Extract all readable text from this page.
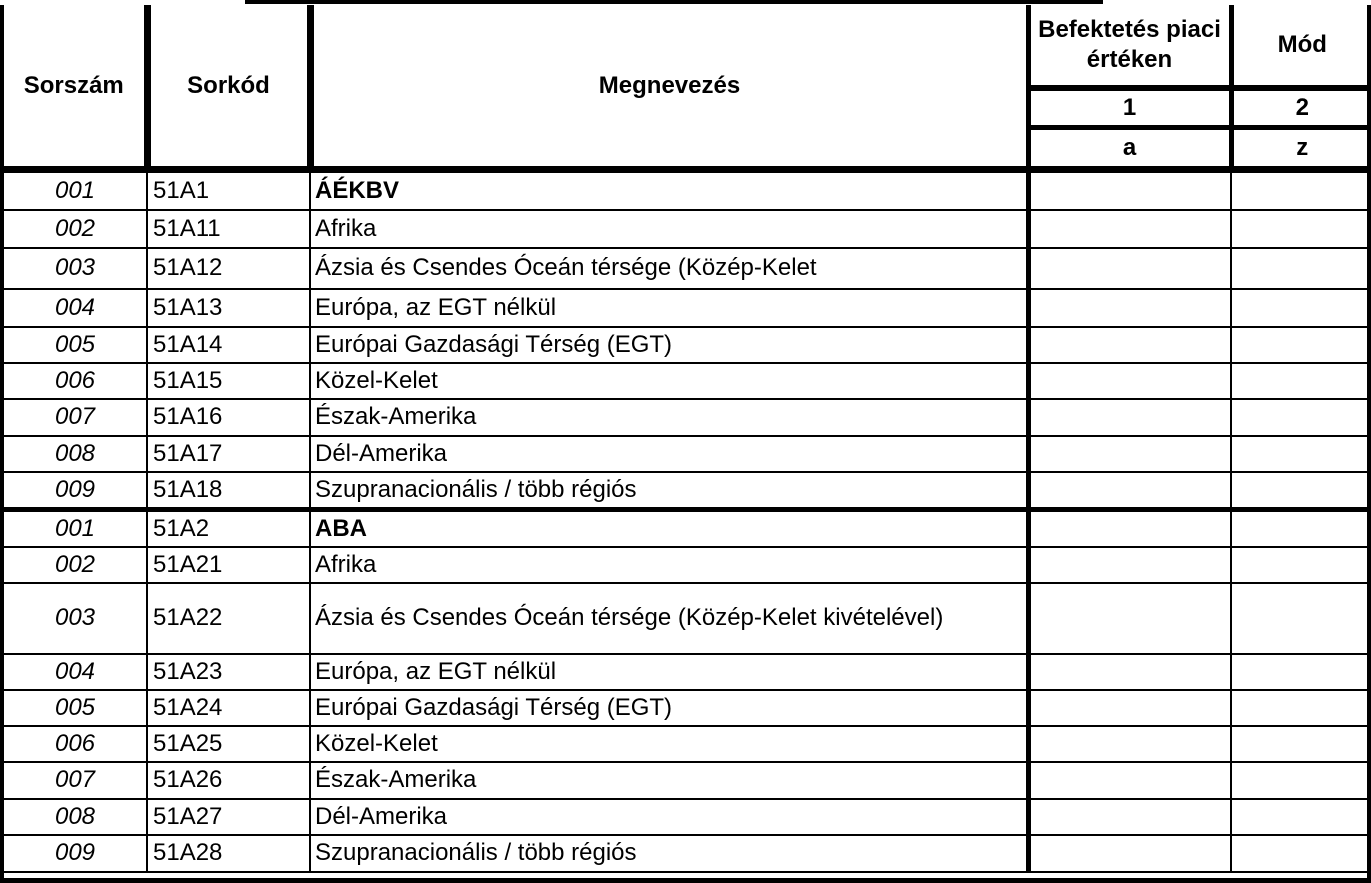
Sorszám	Sorkód	Megnevezés	Befektetés piaci értéken	Mód
			1	2
			a	z
001	51A1	ÁÉKBV		
002	51A11	Afrika		
003	51A12	Ázsia és Csendes Óceán térsége (Közép-Kelet		
004	51A13	Európa, az EGT nélkül		
005	51A14	Európai Gazdasági Térség (EGT)		
006	51A15	Közel-Kelet		
007	51A16	Észak-Amerika		
008	51A17	Dél-Amerika		
009	51A18	Szupranacionális / több régiós		
001	51A2	ABA		
002	51A21	Afrika		
003	51A22	Ázsia és Csendes Óceán térsége (Közép-Kelet kivételével)		
004	51A23	Európa, az EGT nélkül		
005	51A24	Európai Gazdasági Térség (EGT)		
006	51A25	Közel-Kelet		
007	51A26	Észak-Amerika		
008	51A27	Dél-Amerika		
009	51A28	Szupranacionális / több régiós		
